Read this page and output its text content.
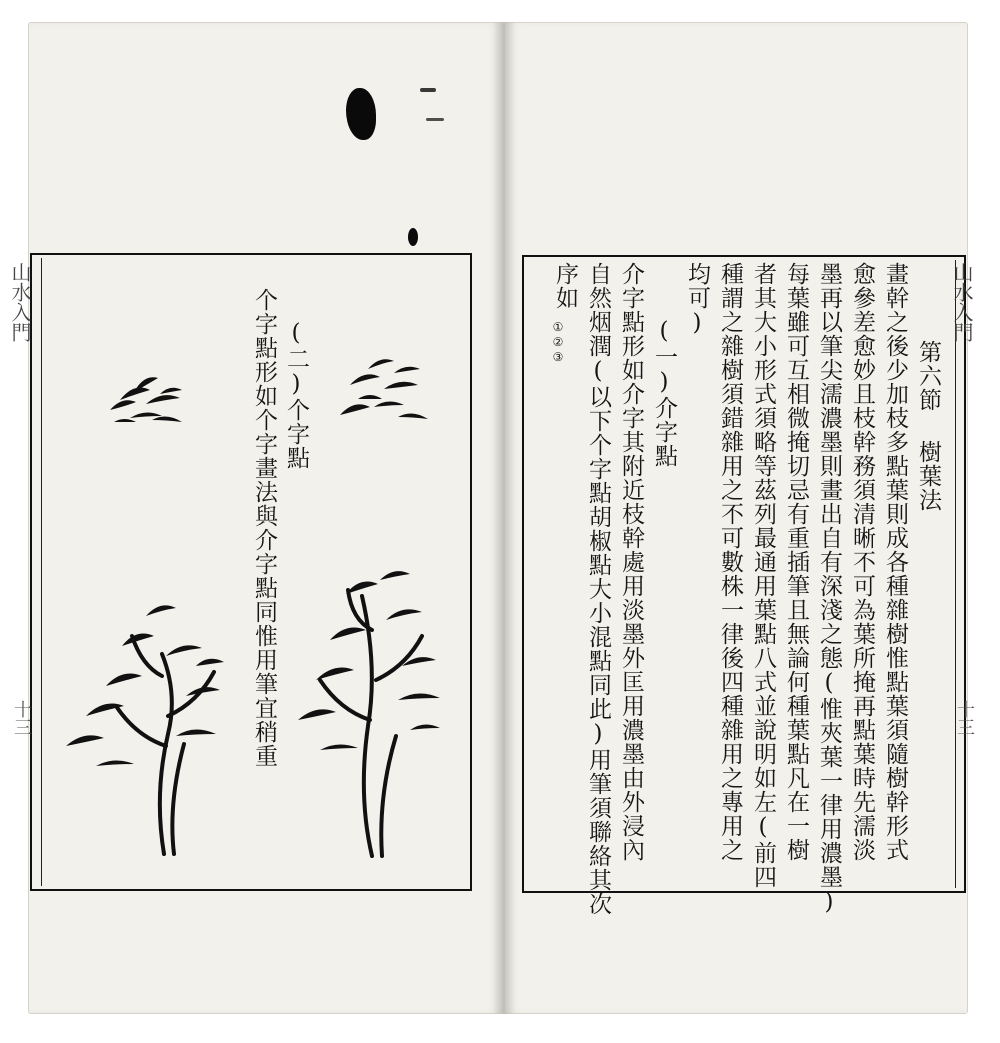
山水入門
十三

(二)个字點
个字點形如个字畫法與介字點同惟用筆宜稍重	山水入門
十三
第六節
樹葉法
畫幹之後少加枝多點葉則成各種雜樹惟點葉須隨樹幹形式
愈參差愈妙且枝幹務須清晰不可為葉所掩再點葉時先濡淡
墨再以筆尖濡濃墨則畫出自有深淺之態(惟夾葉一律用濃墨)
每葉雖可互相微掩切忌有重插筆且無論何種葉點凡在一樹
者其大小形式須略等茲列最通用葉點八式並說明如左(前四
種謂之雜樹須錯雜用之不可數株一律後四種雜用之專用之
均可)
(一)介字點
介字點形如介字其附近枝幹處用淡墨外匡用濃墨由外浸內
自然烟潤(以下个字點胡椒點大小混點同此)用筆須聯絡其次
序如
①②③
